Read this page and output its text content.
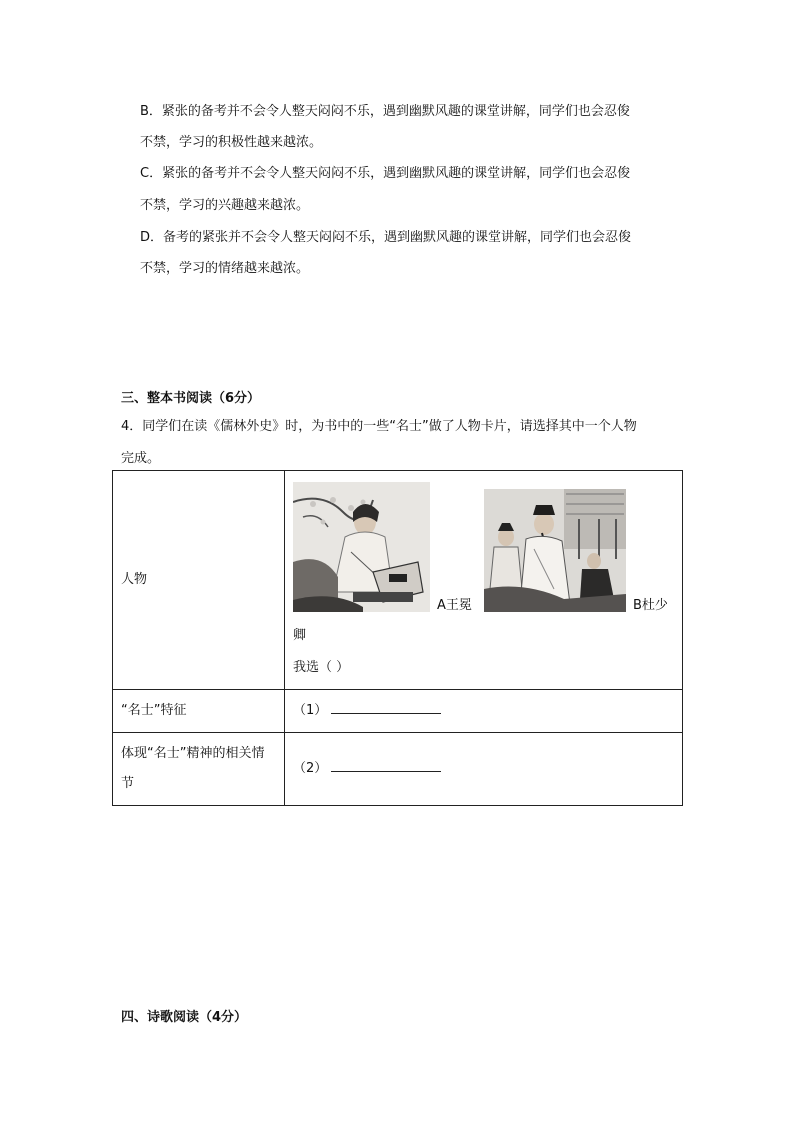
B．紧张的备考并不会令人整天闷闷不乐，遇到幽默风趣的课堂讲解，同学们也会忍俊
不禁，学习的积极性越来越浓。
C．紧张的备考并不会令人整天闷闷不乐，遇到幽默风趣的课堂讲解，同学们也会忍俊
不禁，学习的兴趣越来越浓。
D．备考的紧张并不会令人整天闷闷不乐，遇到幽默风趣的课堂讲解，同学们也会忍俊
不禁，学习的情绪越来越浓。
三、整本书阅读（6分）
4．同学们在读《儒林外史》时，为书中的一些“名士”做了人物卡片，请选择其中一个人物
完成。
人物	A王冕 B杜少
卿
我选（ ）

“名士”特征	（1）
体现“名士”精神的相关情节	（2）
四、诗歌阅读（4分）
